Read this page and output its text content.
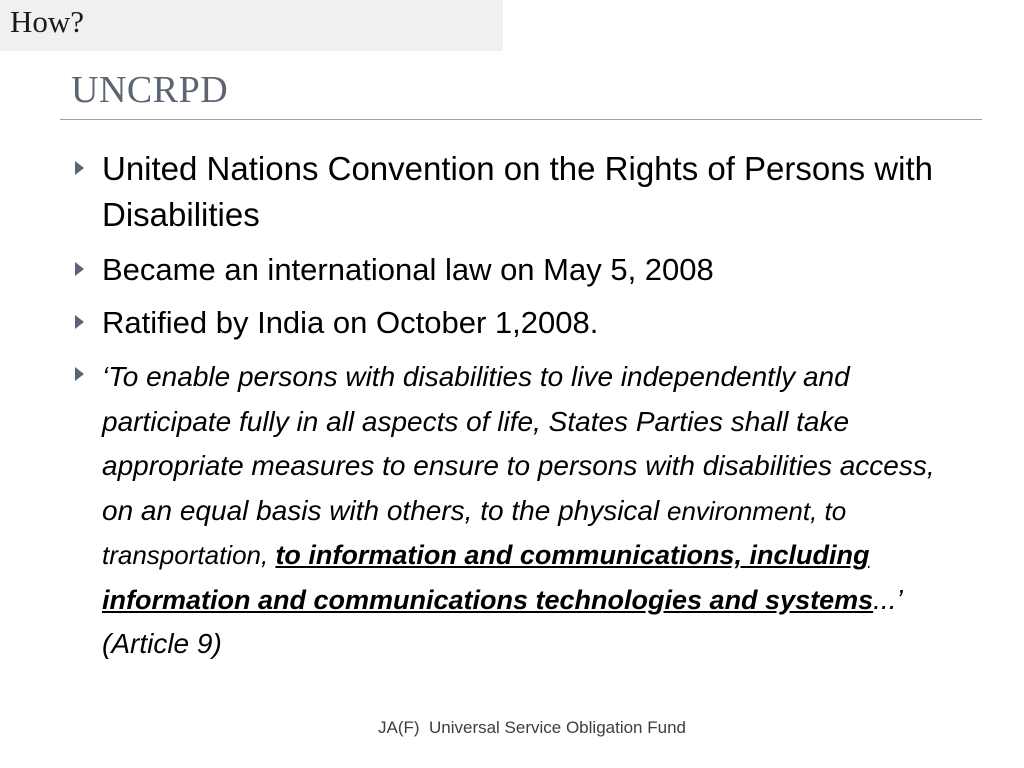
How?
UNCRPD
United Nations Convention on the Rights of Persons with Disabilities
Became an international law on May 5, 2008
Ratified by India on October 1,2008.
‘To enable persons with disabilities to live independently and participate fully in all aspects of life, States Parties shall take appropriate measures to ensure to persons with disabilities access, on an equal basis with others, to the physical environment, to transportation, to information and communications, including information and communications technologies and systems...’ (Article 9)
JA(F)  Universal Service Obligation Fund
